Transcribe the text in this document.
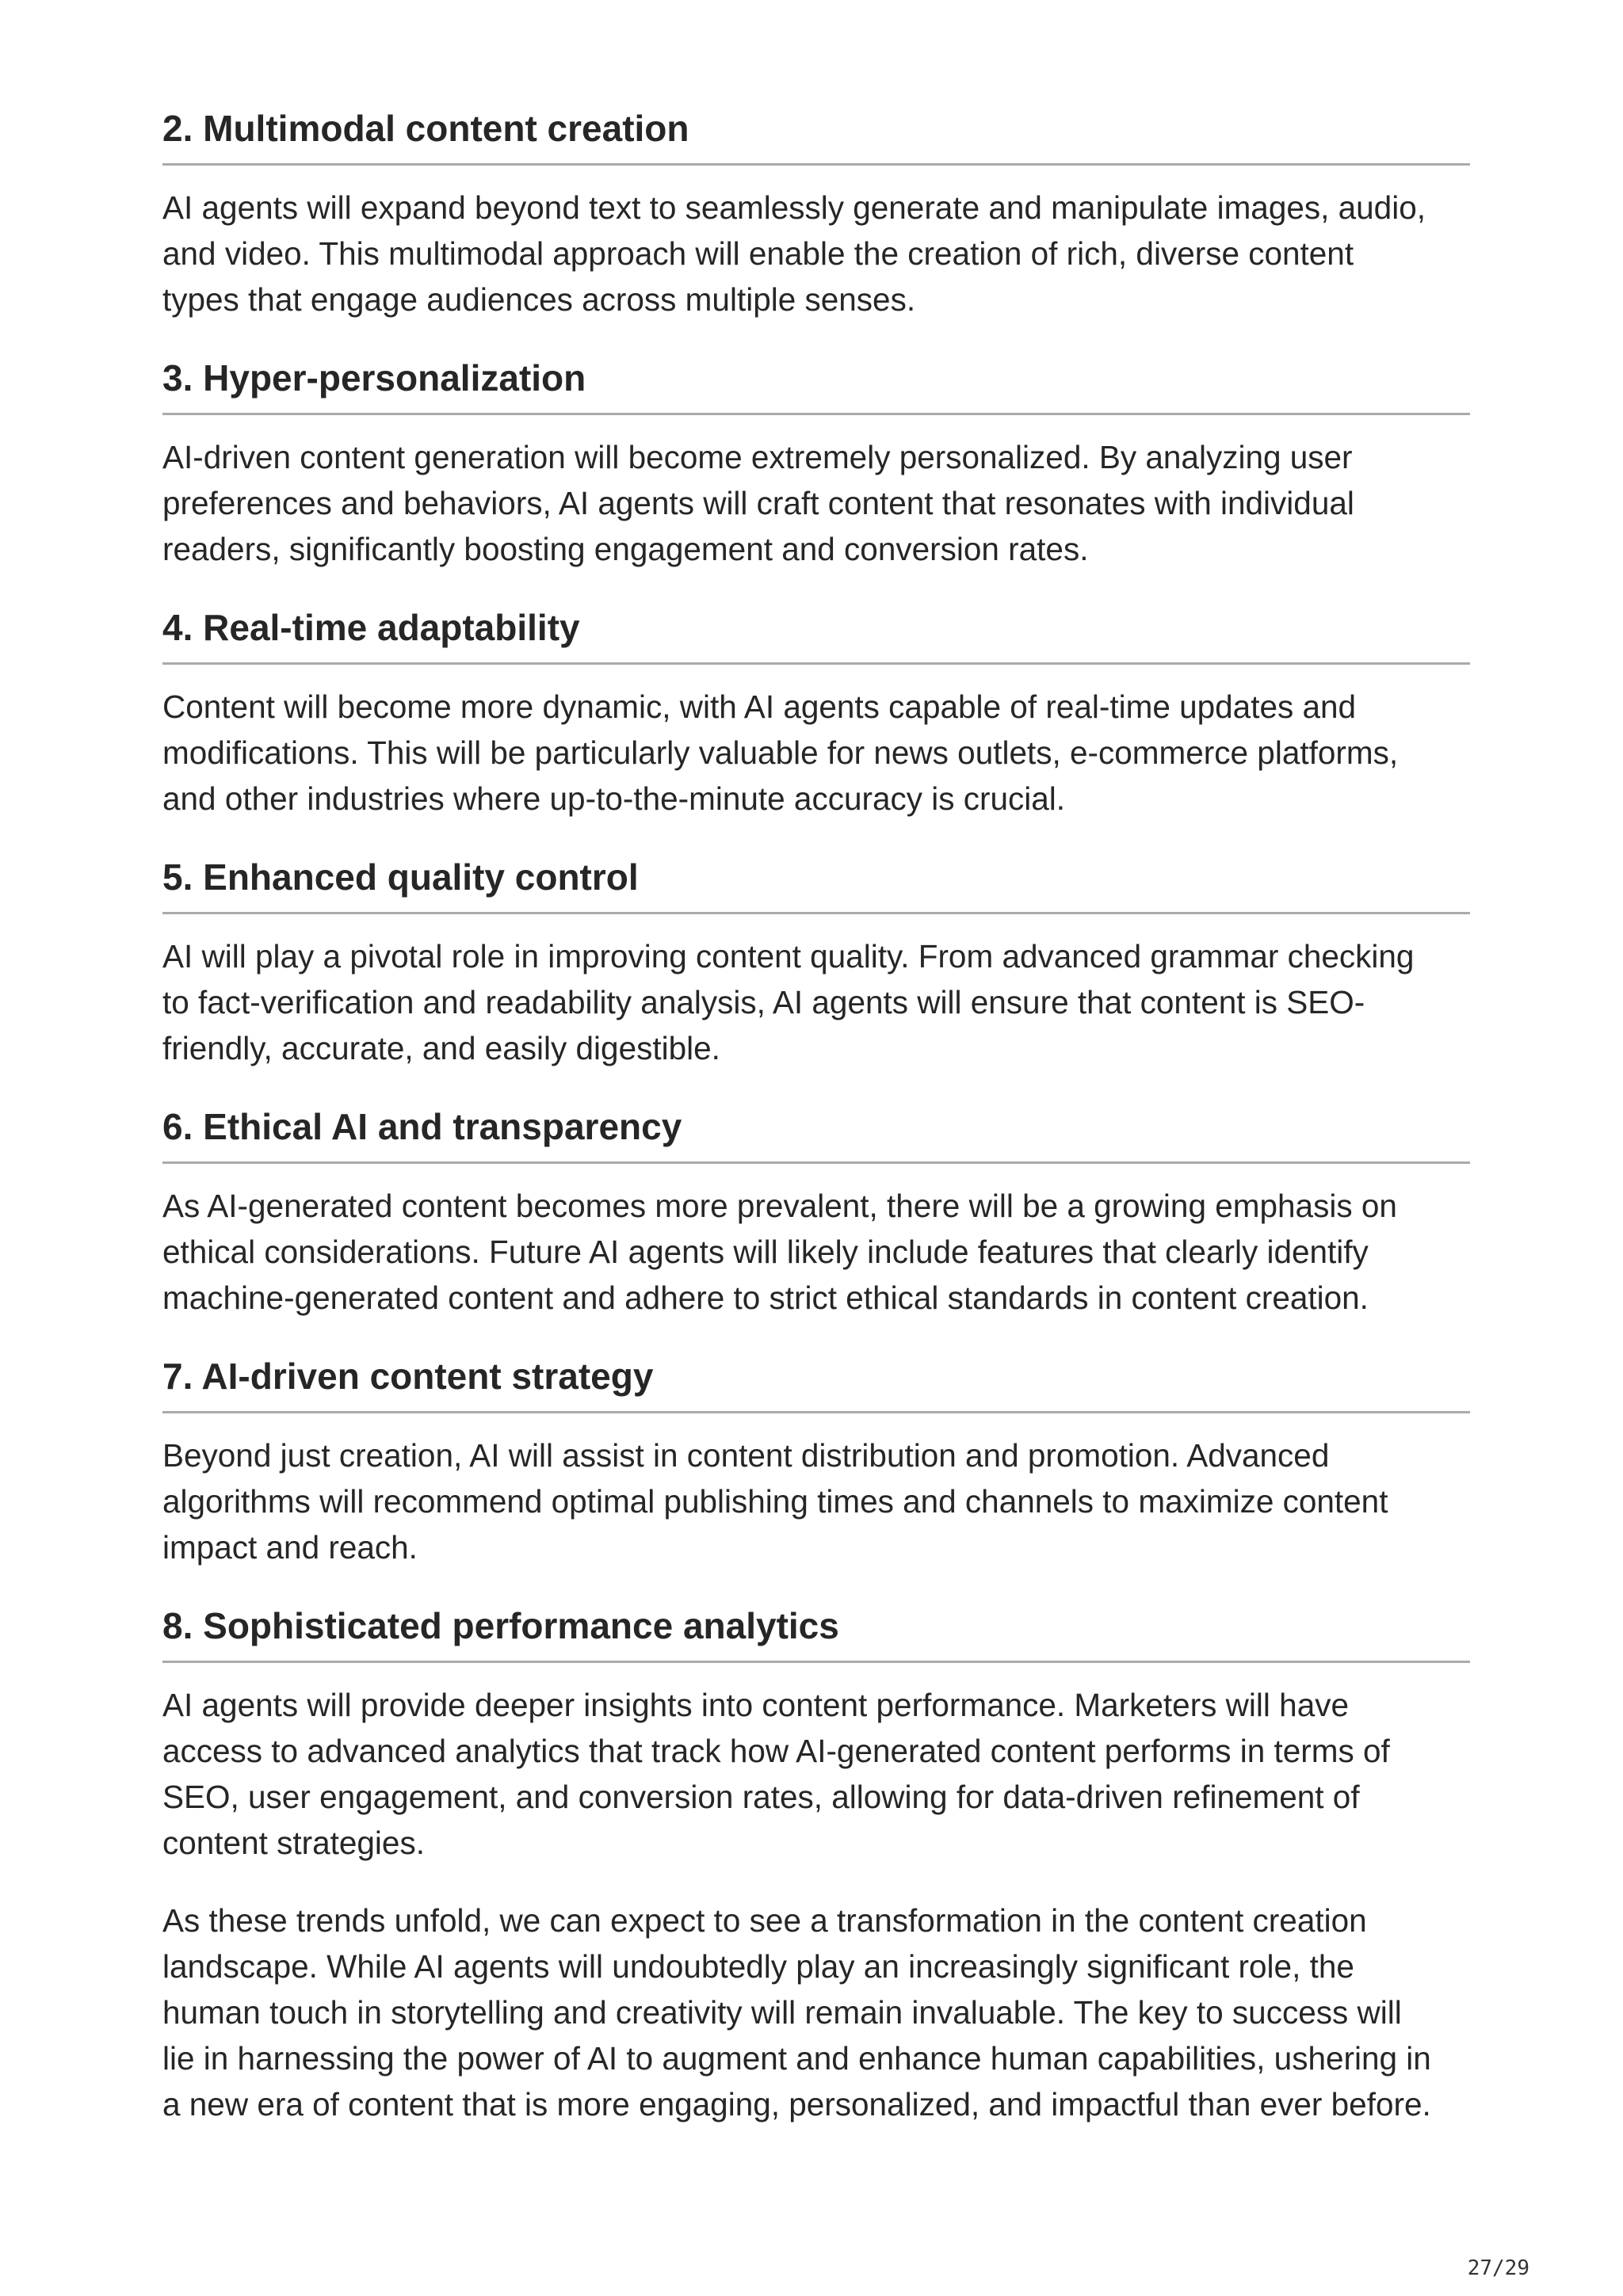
2. Multimodal content creation
AI agents will expand beyond text to seamlessly generate and manipulate images, audio,
and video. This multimodal approach will enable the creation of rich, diverse content
types that engage audiences across multiple senses.
3. Hyper-personalization
AI-driven content generation will become extremely personalized. By analyzing user
preferences and behaviors, AI agents will craft content that resonates with individual
readers, significantly boosting engagement and conversion rates.
4. Real-time adaptability
Content will become more dynamic, with AI agents capable of real-time updates and
modifications. This will be particularly valuable for news outlets, e-commerce platforms,
and other industries where up-to-the-minute accuracy is crucial.
5. Enhanced quality control
AI will play a pivotal role in improving content quality. From advanced grammar checking
to fact-verification and readability analysis, AI agents will ensure that content is SEO-
friendly, accurate, and easily digestible.
6. Ethical AI and transparency
As AI-generated content becomes more prevalent, there will be a growing emphasis on
ethical considerations. Future AI agents will likely include features that clearly identify
machine-generated content and adhere to strict ethical standards in content creation.
7. AI-driven content strategy
Beyond just creation, AI will assist in content distribution and promotion. Advanced
algorithms will recommend optimal publishing times and channels to maximize content
impact and reach.
8. Sophisticated performance analytics
AI agents will provide deeper insights into content performance. Marketers will have
access to advanced analytics that track how AI-generated content performs in terms of
SEO, user engagement, and conversion rates, allowing for data-driven refinement of
content strategies.
As these trends unfold, we can expect to see a transformation in the content creation
landscape. While AI agents will undoubtedly play an increasingly significant role, the
human touch in storytelling and creativity will remain invaluable. The key to success will
lie in harnessing the power of AI to augment and enhance human capabilities, ushering in
a new era of content that is more engaging, personalized, and impactful than ever before.
27/29
